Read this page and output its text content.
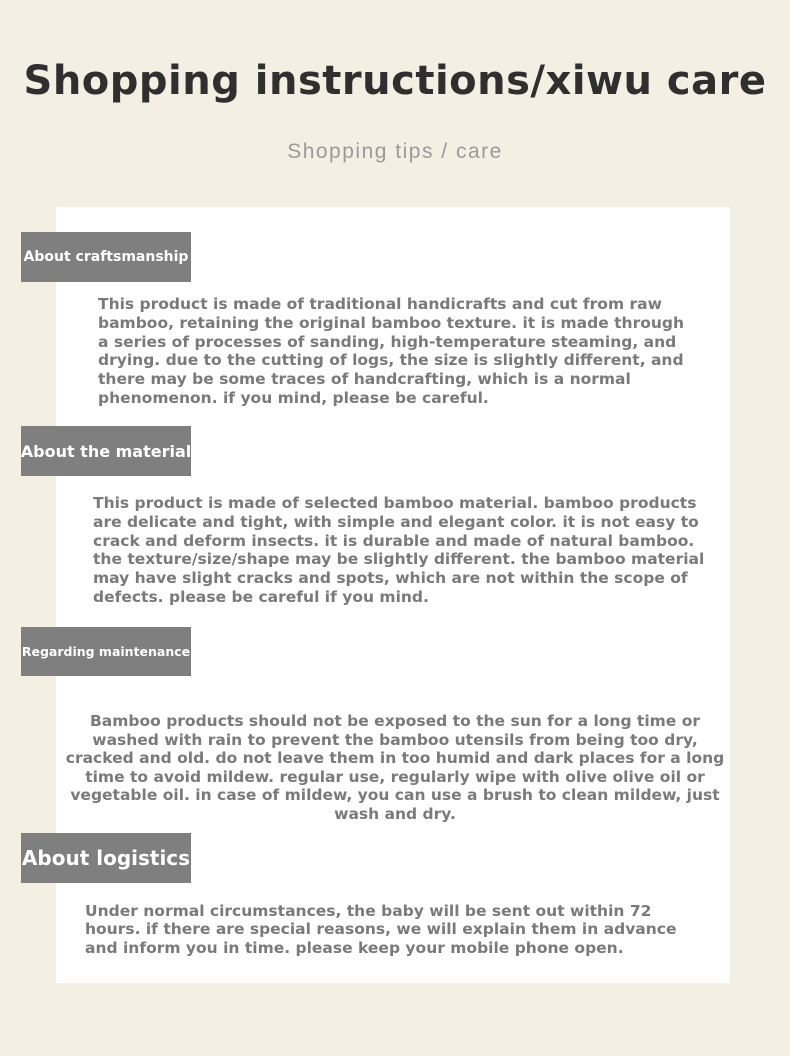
Shopping instructions/xiwu care
Shopping tips / care
About craftsmanship

This product is made of traditional handicrafts and cut from raw bamboo, retaining the original bamboo texture. it is made through a series of processes of sanding, high-temperature steaming, and drying. due to the cutting of logs, the size is slightly different, and there may be some traces of handcrafting, which is a normal phenomenon. if you mind, please be careful.

About the material

This product is made of selected bamboo material. bamboo products are delicate and tight, with simple and elegant color. it is not easy to crack and deform insects. it is durable and made of natural bamboo. the texture/size/shape may be slightly different. the bamboo material may have slight cracks and spots, which are not within the scope of defects. please be careful if you mind.

Regarding maintenance

Bamboo products should not be exposed to the sun for a long time or washed with rain to prevent the bamboo utensils from being too dry, cracked and old. do not leave them in too humid and dark places for a long time to avoid mildew. regular use, regularly wipe with olive olive oil or vegetable oil. in case of mildew, you can use a brush to clean mildew, just wash and dry.

About logistics

Under normal circumstances, the baby will be sent out within 72 hours. if there are special reasons, we will explain them in advance and inform you in time. please keep your mobile phone open.
